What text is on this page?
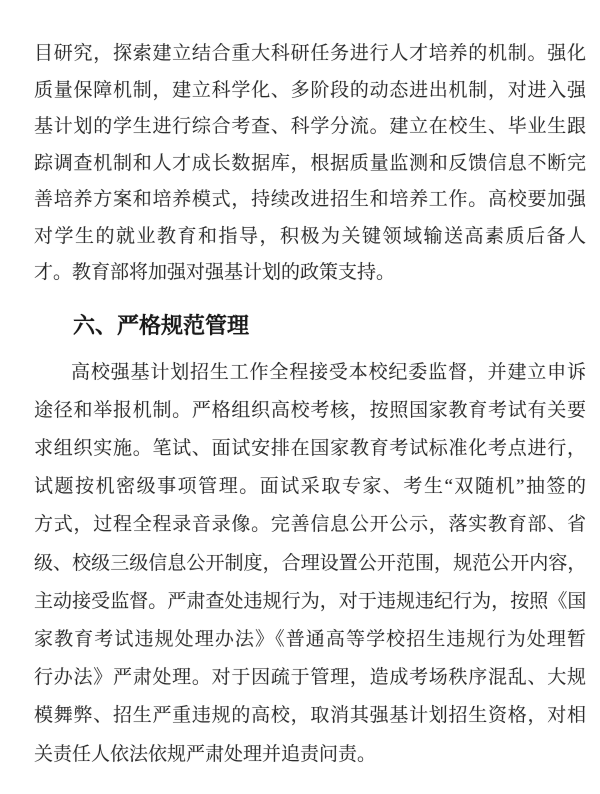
目研究，探索建立结合重大科研任务进行人才培养的机制。强化
质量保障机制，建立科学化、多阶段的动态进出机制，对进入强
基计划的学生进行综合考查、科学分流。建立在校生、毕业生跟
踪调查机制和人才成长数据库，根据质量监测和反馈信息不断完
善培养方案和培养模式，持续改进招生和培养工作。高校要加强
对学生的就业教育和指导，积极为关键领域输送高素质后备人
才。教育部将加强对强基计划的政策支持。
六、严格规范管理
高校强基计划招生工作全程接受本校纪委监督，并建立申诉
途径和举报机制。严格组织高校考核，按照国家教育考试有关要
求组织实施。笔试、面试安排在国家教育考试标准化考点进行，
试题按机密级事项管理。面试采取专家、考生“双随机”抽签的
方式，过程全程录音录像。完善信息公开公示，落实教育部、省
级、校级三级信息公开制度，合理设置公开范围，规范公开内容，
主动接受监督。严肃查处违规行为，对于违规违纪行为，按照《国
家教育考试违规处理办法》《普通高等学校招生违规行为处理暂
行办法》严肃处理。对于因疏于管理，造成考场秩序混乱、大规
模舞弊、招生严重违规的高校，取消其强基计划招生资格，对相
关责任人依法依规严肃处理并追责问责。
